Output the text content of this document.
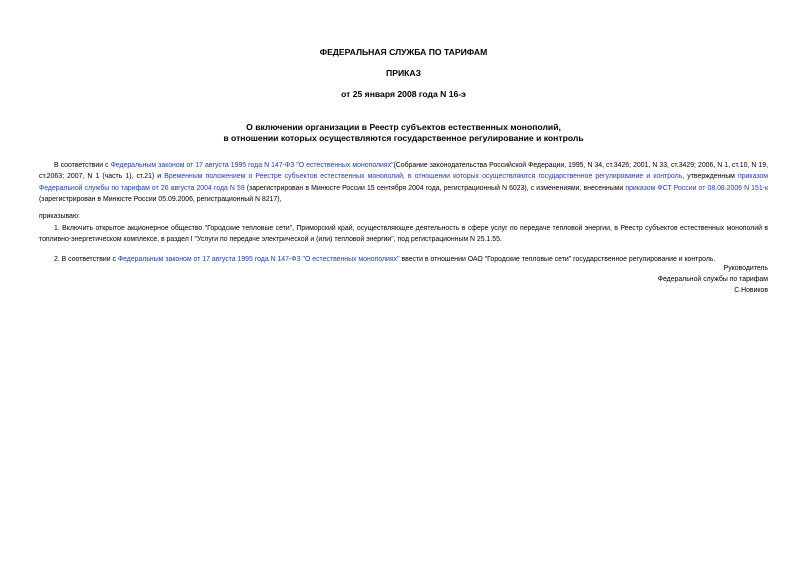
ФЕДЕРАЛЬНАЯ СЛУЖБА ПО ТАРИФАМ
ПРИКАЗ
от 25 января 2008 года N 16-э
О включении организации в Реестр субъектов естественных монополий,
в отношении которых осуществляются государственное регулирование и контроль

В соответствии с Федеральным законом от 17 августа 1995 года N 147-ФЗ "О естественных монополиях"(Собрание законодательства Российской Федерации, 1995, N 34, ст.3426; 2001, N 33, ст.3429; 2006, N 1, ст.10, N 19, ст.2063; 2007, N 1 (часть 1), ст.21) и Временным положением о Реестре субъектов естественных монополий, в отношении которых осуществляются государственное регулирование и контроль, утвержденным приказом Федеральной службы по тарифам от 26 августа 2004 года N 59 (зарегистрирован в Минюсте России 15 сентября 2004 года, регистрационный N 6023), с изменениями, внесенными приказом ФСТ России от 08.08.2006 N 151-к (зарегистрирован в Минюсте России 05.09.2006, регистрационный N 8217),

приказываю:

1. Включить открытое акционерное общество "Городские тепловые сети", Приморский край, осуществляющее деятельность в сфере услуг по передаче тепловой энергии, в Реестр субъектов естественных монополий в топливно-энергетическом комплексе, в раздел I "Услуги по передаче электрической и (или) тепловой энергии", под регистрационным N 25.1.55.

2. В соответствии с Федеральным законом от 17 августа 1995 года N 147-ФЗ "О естественных монополиях" ввести в отношении ОАО "Городские тепловые сети" государственное регулирование и контроль.

Руководитель
Федеральной службы по тарифам
С.Новиков
